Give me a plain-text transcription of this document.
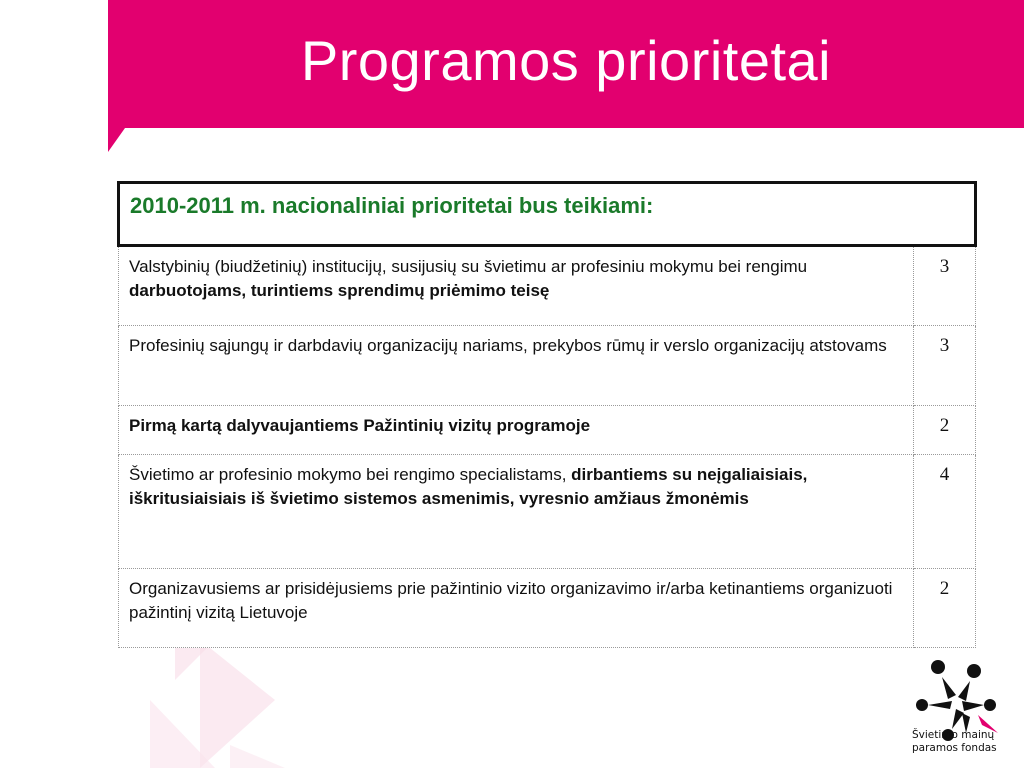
Programos prioritetai
2010-2011 m. nacionaliniai prioritetai bus teikiami:	
Valstybinių (biudžetinių) institucijų, susijusių su švietimu ar profesiniu mokymu bei rengimu darbuotojams, turintiems sprendimų priėmimo teisę	3
Profesinių sąjungų ir darbdavių organizacijų nariams, prekybos rūmų ir verslo organizacijų atstovams	3
Pirmą kartą dalyvaujantiems Pažintinių vizitų programoje	2
Švietimo ar profesinio mokymo bei rengimo specialistams, dirbantiems su neįgaliaisiais, iškritusiaisiais iš švietimo sistemos asmenimis, vyresnio amžiaus žmonėmis	4
Organizavusiems ar prisidėjusiems prie pažintinio vizito organizavimo ir/arba ketinantiems organizuoti pažintinį vizitą Lietuvoje	2
Švietimo mainų
paramos fondas
